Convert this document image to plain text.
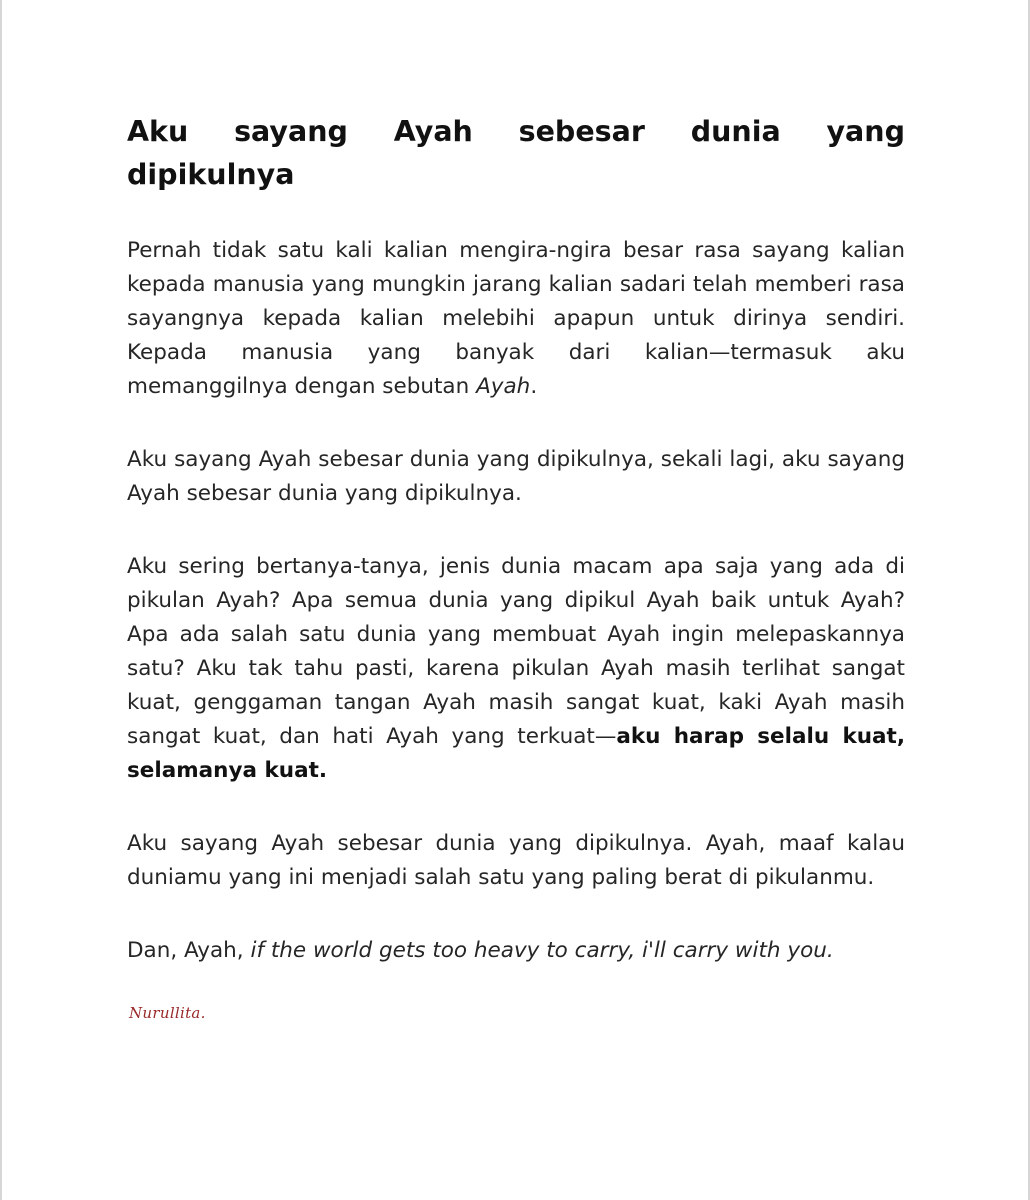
Aku sayang Ayah sebesar dunia yang dipikulnya

Pernah tidak satu kali kalian mengira-ngira besar rasa sayang kalian kepada manusia yang mungkin jarang kalian sadari telah memberi rasa sayangnya kepada kalian melebihi apapun untuk dirinya sendiri. Kepada manusia yang banyak dari kalian—termasuk aku memanggilnya dengan sebutan Ayah.

Aku sayang Ayah sebesar dunia yang dipikulnya, sekali lagi, aku sayang Ayah sebesar dunia yang dipikulnya.

Aku sering bertanya-tanya, jenis dunia macam apa saja yang ada di pikulan Ayah? Apa semua dunia yang dipikul Ayah baik untuk Ayah? Apa ada salah satu dunia yang membuat Ayah ingin melepaskannya satu? Aku tak tahu pasti, karena pikulan Ayah masih terlihat sangat kuat, genggaman tangan Ayah masih sangat kuat, kaki Ayah masih sangat kuat, dan hati Ayah yang terkuat—aku harap selalu kuat, selamanya kuat.

Aku sayang Ayah sebesar dunia yang dipikulnya. Ayah, maaf kalau duniamu yang ini menjadi salah satu yang paling berat di pikulanmu.

Dan, Ayah, if the world gets too heavy to carry, i'll carry with you.

Nurullita.
